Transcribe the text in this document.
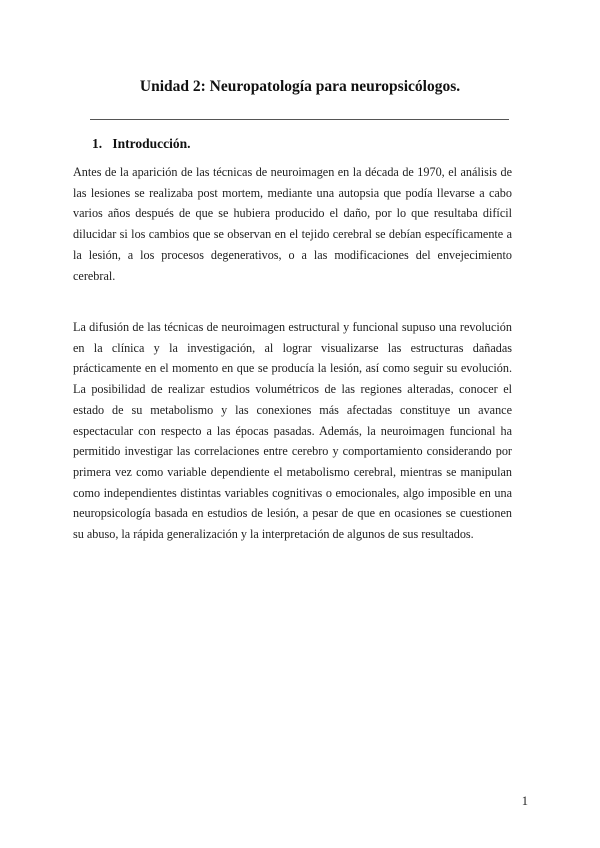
Unidad 2: Neuropatología para neuropsicólogos.
1. Introducción.

Antes de la aparición de las técnicas de neuroimagen en la década de 1970, el análisis de las lesiones se realizaba post mortem, mediante una autopsia que podía llevarse a cabo varios años después de que se hubiera producido el daño, por lo que resultaba difícil dilucidar si los cambios que se observan en el tejido cerebral se debían específicamente a la lesión, a los procesos degenerativos, o a las modificaciones del envejecimiento cerebral.

La difusión de las técnicas de neuroimagen estructural y funcional supuso una revolución en la clínica y la investigación, al lograr visualizarse las estructuras dañadas prácticamente en el momento en que se producía la lesión, así como seguir su evolución. La posibilidad de realizar estudios volumétricos de las regiones alteradas, conocer el estado de su metabolismo y las conexiones más afectadas constituye un avance espectacular con respecto a las épocas pasadas. Además, la neuroimagen funcional ha permitido investigar las correlaciones entre cerebro y comportamiento considerando por primera vez como variable dependiente el metabolismo cerebral, mientras se manipulan como independientes distintas variables cognitivas o emocionales, algo imposible en una neuropsicología basada en estudios de lesión, a pesar de que en ocasiones se cuestionen su abuso, la rápida generalización y la interpretación de algunos de sus resultados.

1
